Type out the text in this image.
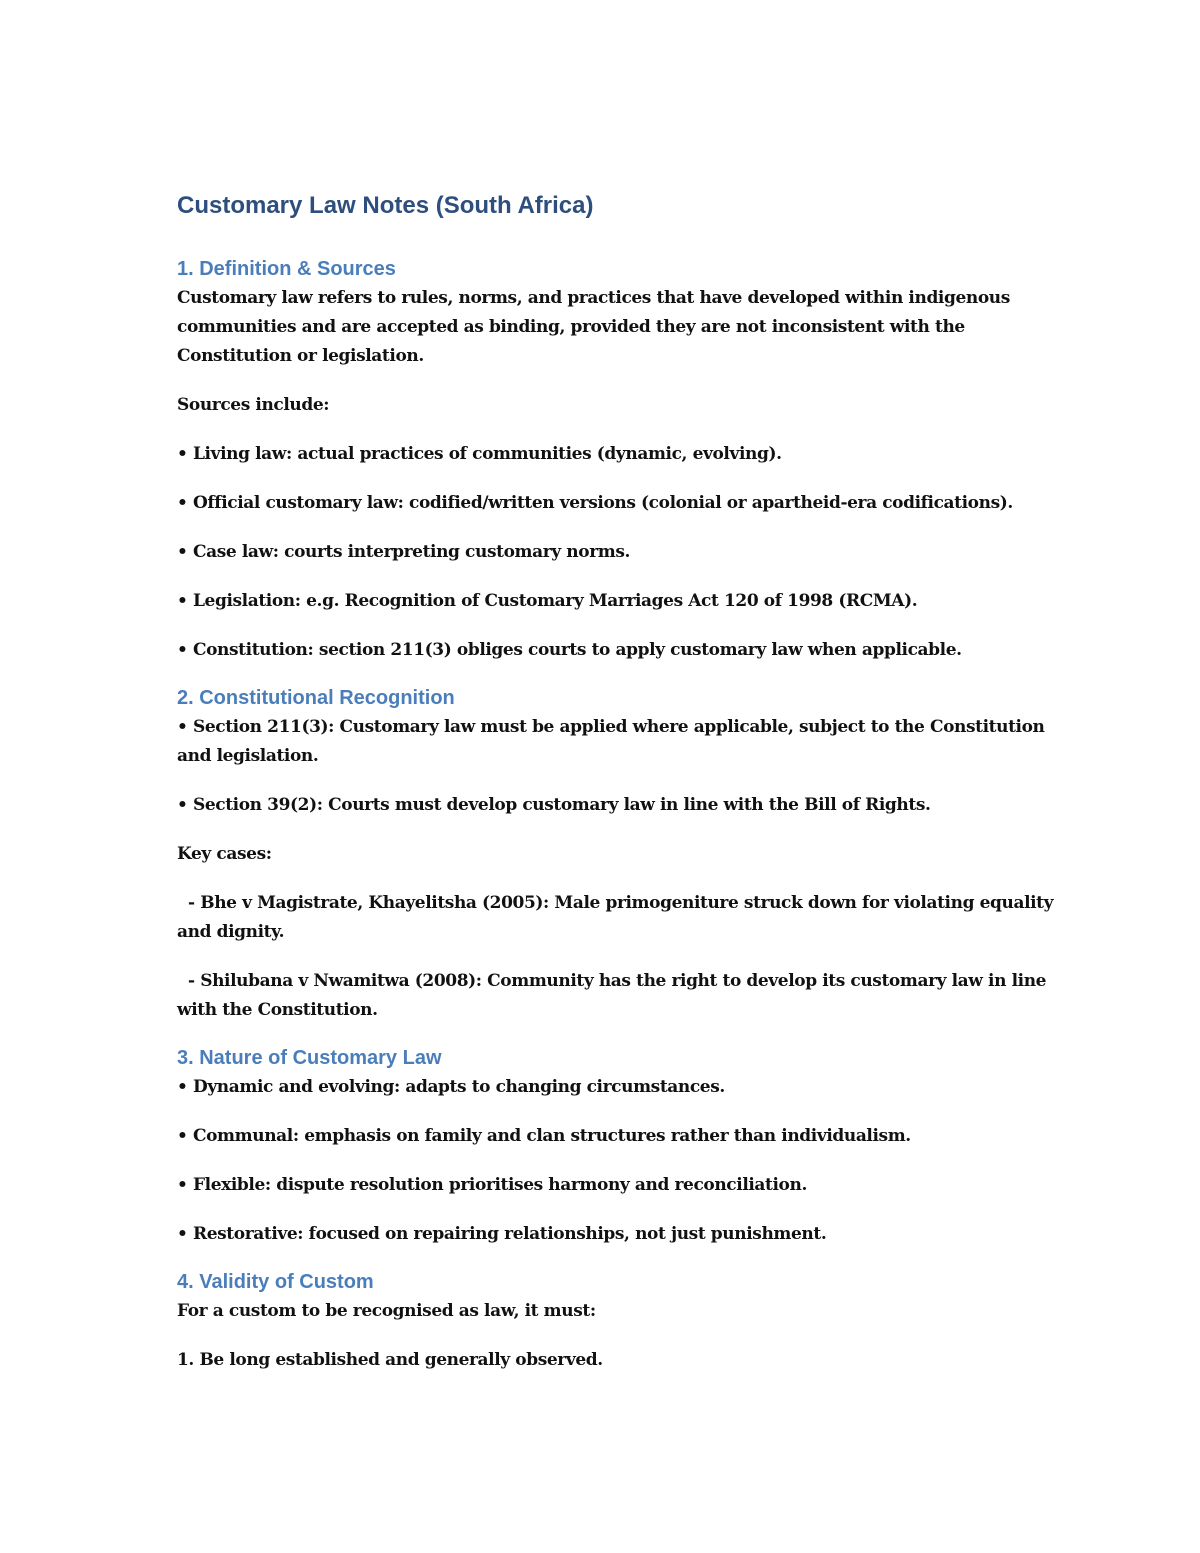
Customary Law Notes (South Africa)
1. Definition & Sources

Customary law refers to rules, norms, and practices that have developed within indigenous communities and are accepted as binding, provided they are not inconsistent with the Constitution or legislation.

Sources include:

• Living law: actual practices of communities (dynamic, evolving).

• Official customary law: codified/written versions (colonial or apartheid-era codifications).

• Case law: courts interpreting customary norms.

• Legislation: e.g. Recognition of Customary Marriages Act 120 of 1998 (RCMA).

• Constitution: section 211(3) obliges courts to apply customary law when applicable.

2. Constitutional Recognition

• Section 211(3): Customary law must be applied where applicable, subject to the Constitution and legislation.

• Section 39(2): Courts must develop customary law in line with the Bill of Rights.

Key cases:

- Bhe v Magistrate, Khayelitsha (2005): Male primogeniture struck down for violating equality and dignity.

- Shilubana v Nwamitwa (2008): Community has the right to develop its customary law in line with the Constitution.

3. Nature of Customary Law

• Dynamic and evolving: adapts to changing circumstances.

• Communal: emphasis on family and clan structures rather than individualism.

• Flexible: dispute resolution prioritises harmony and reconciliation.

• Restorative: focused on repairing relationships, not just punishment.

4. Validity of Custom

For a custom to be recognised as law, it must:

1. Be long established and generally observed.
